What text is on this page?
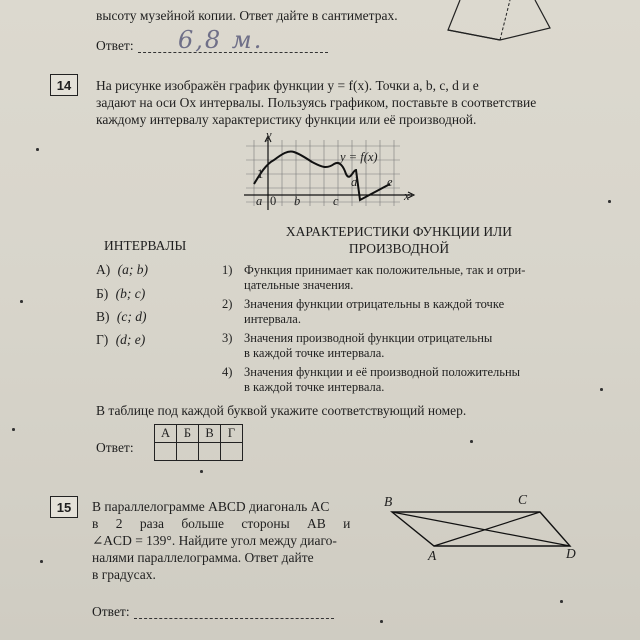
высоту музейной копии. Ответ дайте в сантиметрах.
Ответ: 6,8 м.
14	На рисунке изображён график функции y = f(x). Точки a, b, c, d и e
задают на оси Ox интервалы. Пользуясь графиком, поставьте в соответствие
каждому интервалу характеристику функции или её производной.
y
x
y = f(x)
1
0
a	b	c
d e
ИНТЕРВАЛЫ
А) (a; b)
Б) (b; c)
В) (c; d)
Г) (d; e)
ХАРАКТЕРИСТИКИ ФУНКЦИИ ИЛИ
ПРОИЗВОДНОЙ
1) Функция принимает как положительные, так и отри-
цательные значения.
2) Значения функции отрицательны в каждой точке
интервала.
3) Значения производной функции отрицательны
в каждой точке интервала.
4) Значения функции и её производной положительны
в каждой точке интервала.
В таблице под каждой буквой укажите соответствующий номер.
Ответ:
А	Б	В	Г

15	В параллелограмме ABCD диагональ AC
в 2 раза больше стороны AB и
∠ACD = 139°. Найдите угол между диаго-
налями параллелограмма. Ответ дайте
в градусах.
B	C
A	D
Ответ:
